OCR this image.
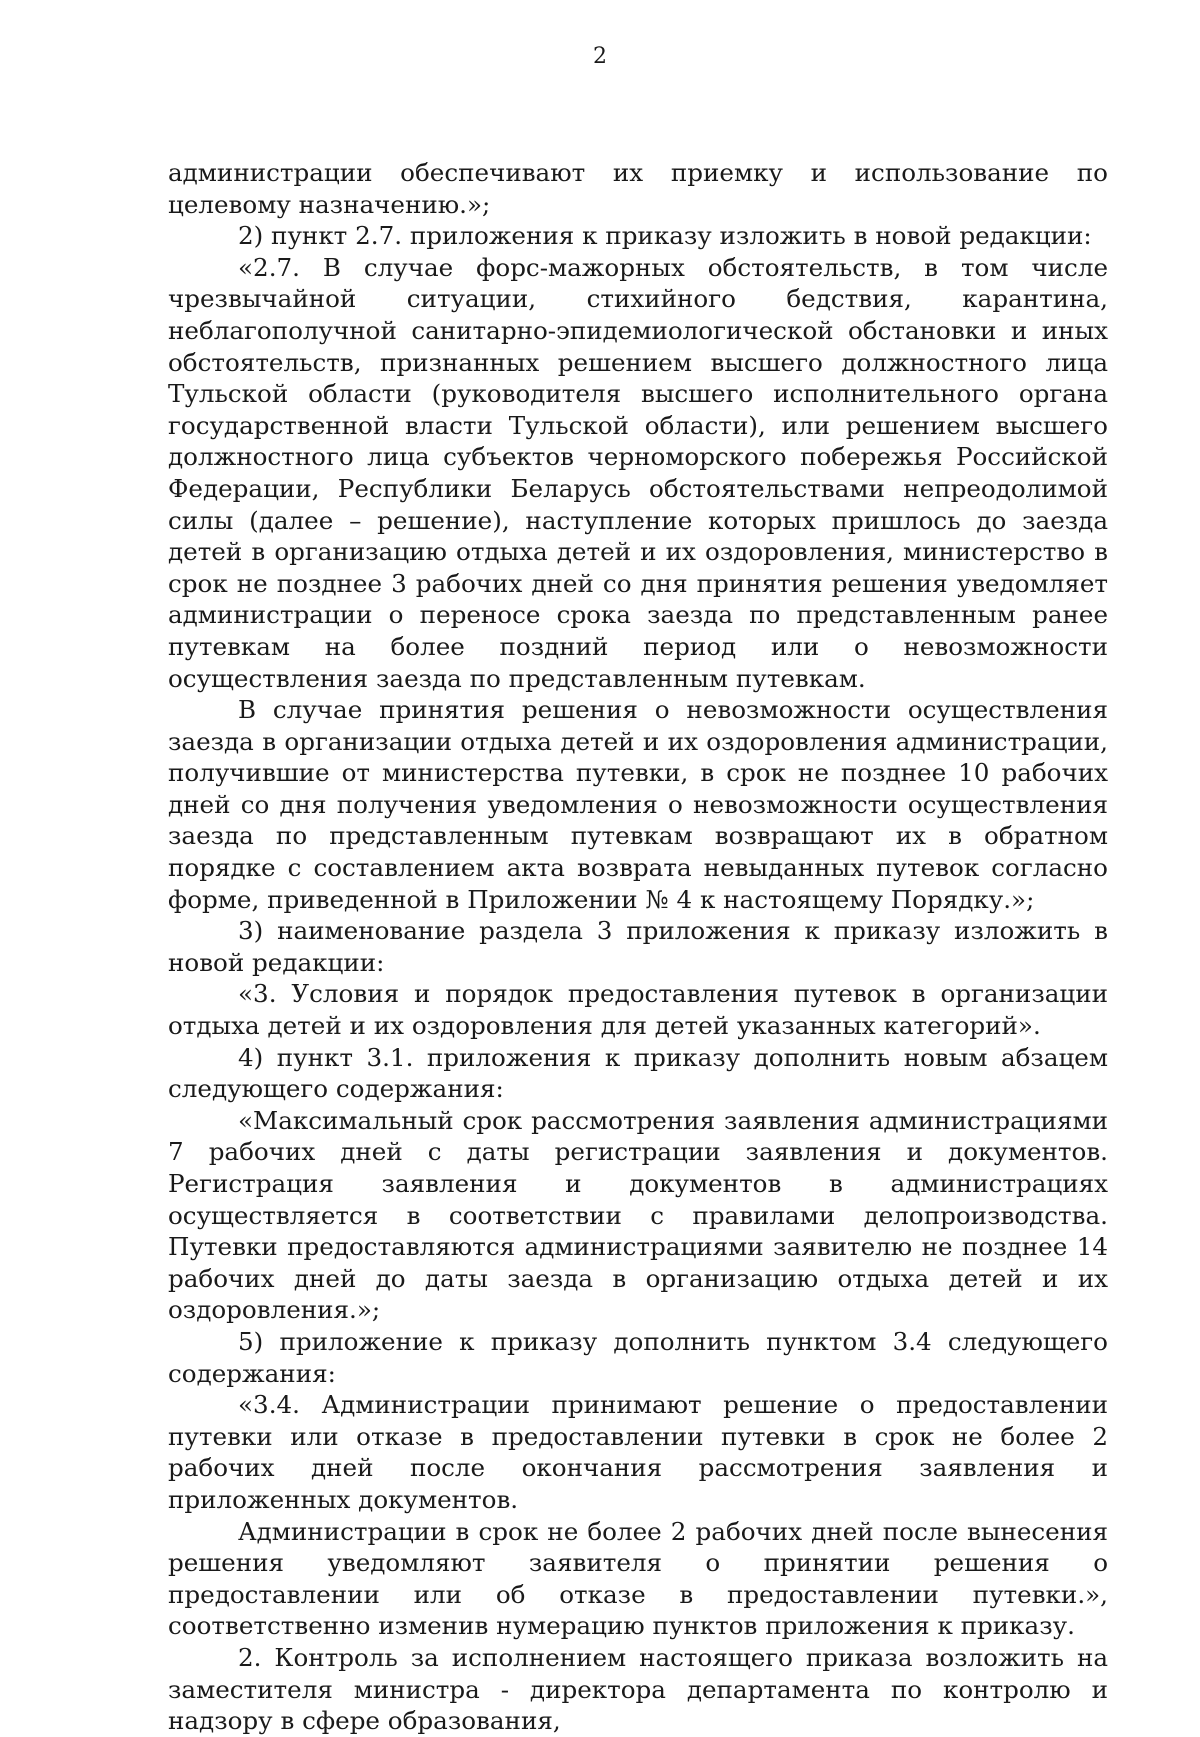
2

администрации обеспечивают их приемку и использование по целевому назначению.»;

2) пункт 2.7. приложения к приказу изложить в новой редакции:

«2.7. В случае форс-мажорных обстоятельств, в том числе чрезвычайной ситуации, стихийного бедствия, карантина, неблагополучной санитарно-эпидемиологической обстановки и иных обстоятельств, признанных решением высшего должностного лица Тульской области (руководителя высшего исполнительного органа государственной власти Тульской области), или решением высшего должностного лица субъектов черноморского побережья Российской Федерации, Республики Беларусь обстоятельствами непреодолимой силы (далее – решение), наступление которых пришлось до заезда детей в организацию отдыха детей и их оздоровления, министерство в срок не позднее 3 рабочих дней со дня принятия решения уведомляет администрации о переносе срока заезда по представленным ранее путевкам на более поздний период или о невозможности осуществления заезда по представленным путевкам.

В случае принятия решения о невозможности осуществления заезда в организации отдыха детей и их оздоровления администрации, получившие от министерства путевки, в срок не позднее 10 рабочих дней со дня получения уведомления о невозможности осуществления заезда по представленным путевкам возвращают их в обратном порядке с составлением акта возврата невыданных путевок согласно форме, приведенной в Приложении № 4 к настоящему Порядку.»;

3) наименование раздела 3 приложения к приказу изложить в новой редакции:

«3. Условия и порядок предоставления путевок в организации отдыха детей и их оздоровления для детей указанных категорий».

4) пункт 3.1. приложения к приказу дополнить новым абзацем следующего содержания:

«Максимальный срок рассмотрения заявления администрациями 7 рабочих дней с даты регистрации заявления и документов. Регистрация заявления и документов в администрациях осуществляется в соответствии с правилами делопроизводства. Путевки предоставляются администрациями заявителю не позднее 14 рабочих дней до даты заезда в организацию отдыха детей и их оздоровления.»;

5) приложение к приказу дополнить пунктом 3.4 следующего содержания:

«3.4. Администрации принимают решение о предоставлении путевки или отказе в предоставлении путевки в срок не более 2 рабочих дней после окончания рассмотрения заявления и приложенных документов.

Администрации в срок не более 2 рабочих дней после вынесения решения уведомляют заявителя о принятии решения о предоставлении или об отказе в предоставлении путевки.», соответственно изменив нумерацию пунктов приложения к приказу.

2. Контроль за исполнением настоящего приказа возложить на заместителя министра - директора департамента по контролю и надзору в сфере образования,
